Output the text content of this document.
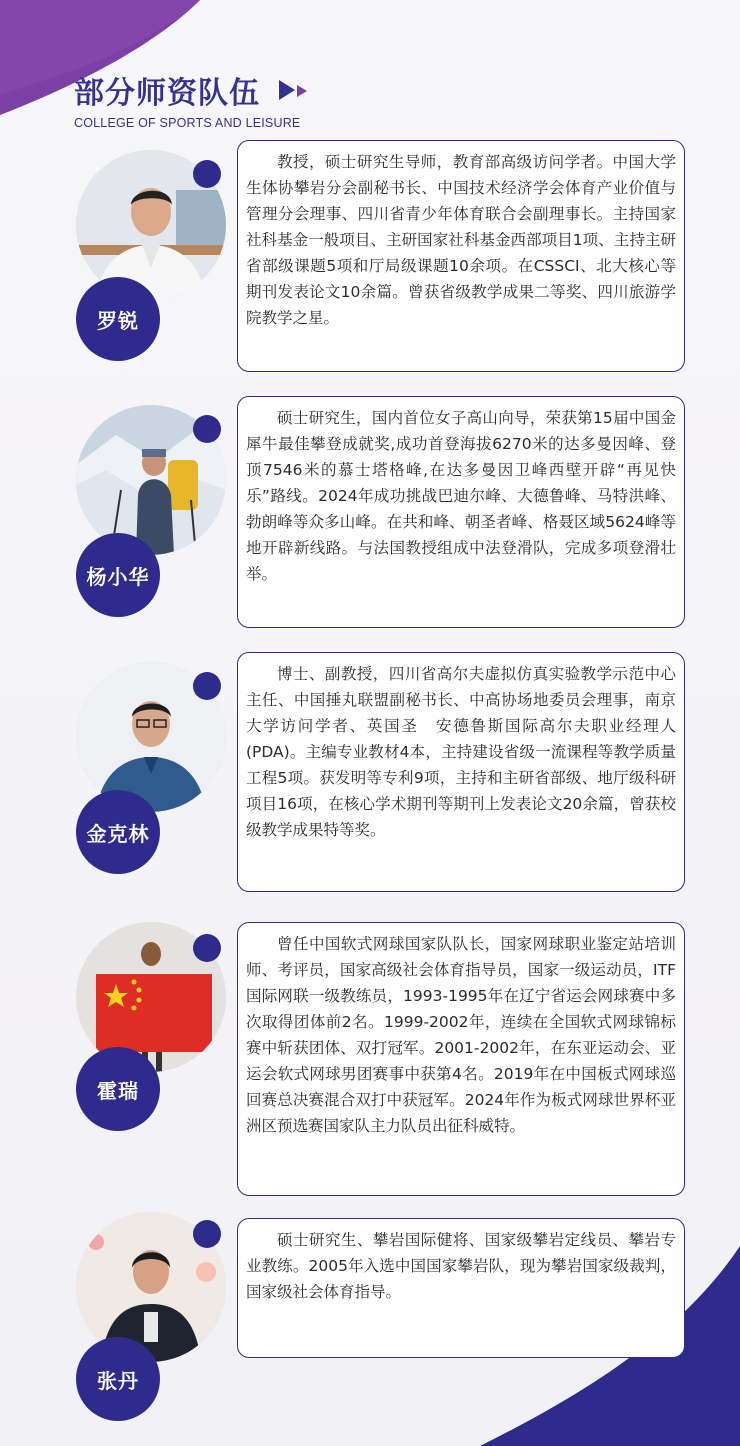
部分师资队伍
COLLEGE OF SPORTS AND LEISURE

教授，硕士研究生导师，教育部高级访问学者。中国大学生体协攀岩分会副秘书长、中国技术经济学会体育产业价值与管理分会理事、四川省青少年体育联合会副理事长。主持国家社科基金一般项目、主研国家社科基金西部项目1项、主持主研省部级课题5项和厅局级课题10余项。在CSSCI、北大核心等期刊发表论文10余篇。曾获省级教学成果二等奖、四川旅游学院教学之星。

罗锐

硕士研究生，国内首位女子高山向导，荣获第15届中国金犀牛最佳攀登成就奖,成功首登海拔6270米的达多曼因峰、登顶7546米的慕士塔格峰,在达多曼因卫峰西壁开辟“再见快乐”路线。2024年成功挑战巴迪尔峰、大德鲁峰、马特洪峰、勃朗峰等众多山峰。在共和峰、朝圣者峰、格聂区域5624峰等地开辟新线路。与法国教授组成中法登滑队，完成多项登滑壮举。

杨小华

博士、副教授，四川省高尔夫虚拟仿真实验教学示范中心主任、中国捶丸联盟副秘书长、中高协场地委员会理事，南京大学访问学者、英国圣　安德鲁斯国际高尔夫职业经理人(PDA)。主编专业教材4本，主持建设省级一流课程等教学质量工程5项。获发明等专利9项，主持和主研省部级、地厅级科研项目16项，在核心学术期刊等期刊上发表论文20余篇，曾获校级教学成果特等奖。

金克林

曾任中国软式网球国家队队长，国家网球职业鉴定站培训师、考评员，国家高级社会体育指导员，国家一级运动员，ITF国际网联一级教练员，1993-1995年在辽宁省运会网球赛中多次取得团体前2名。1999-2002年，连续在全国软式网球锦标赛中斩获团体、双打冠军。2001-2002年，在东亚运动会、亚运会软式网球男团赛事中获第4名。2019年在中国板式网球巡回赛总决赛混合双打中获冠军。2024年作为板式网球世界杯亚洲区预选赛国家队主力队员出征科威特。

霍瑞

硕士研究生、攀岩国际健将、国家级攀岩定线员、攀岩专业教练。2005年入选中国国家攀岩队，现为攀岩国家级裁判，国家级社会体育指导。

张丹
